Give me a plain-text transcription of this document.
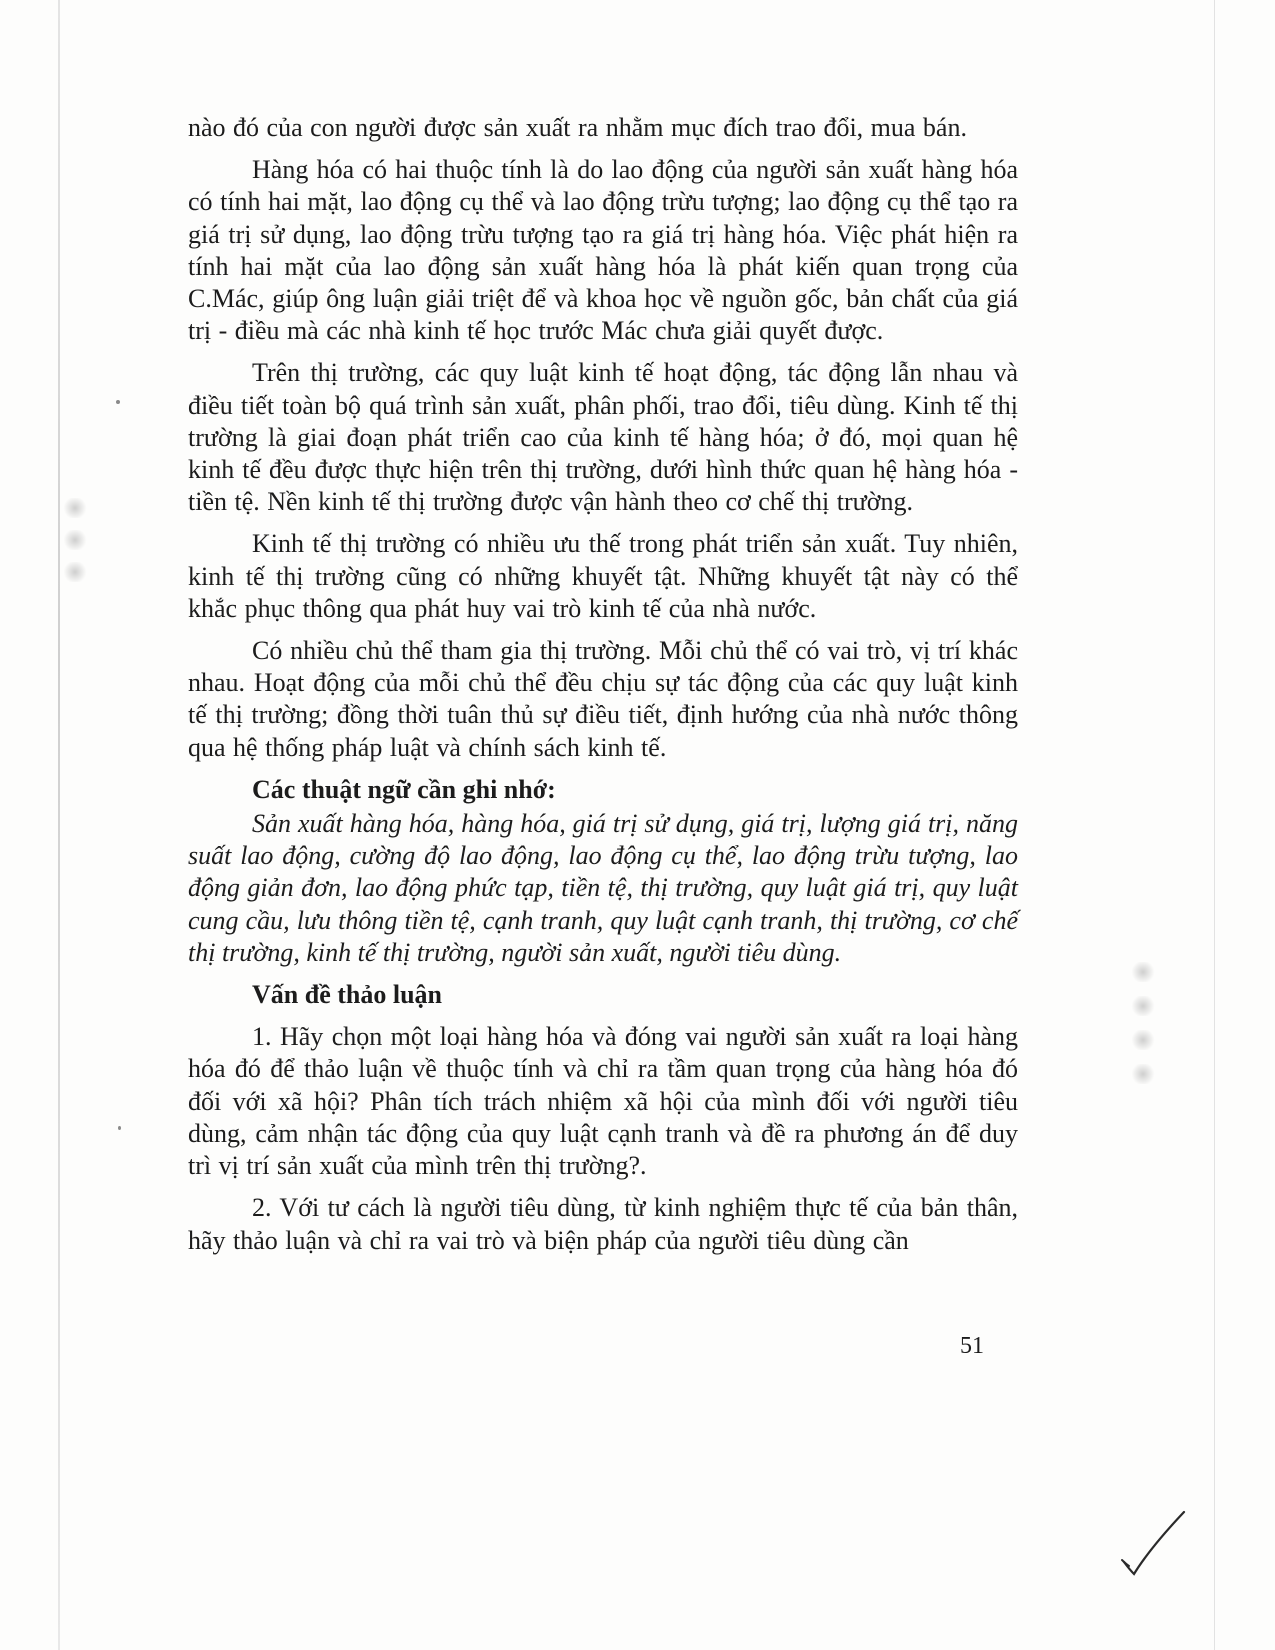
nào đó của con người được sản xuất ra nhằm mục đích trao đổi, mua bán.

Hàng hóa có hai thuộc tính là do lao động của người sản xuất hàng hóa có tính hai mặt, lao động cụ thể và lao động trừu tượng; lao động cụ thể tạo ra giá trị sử dụng, lao động trừu tượng tạo ra giá trị hàng hóa. Việc phát hiện ra tính hai mặt của lao động sản xuất hàng hóa là phát kiến quan trọng của C.Mác, giúp ông luận giải triệt để và khoa học về nguồn gốc, bản chất của giá trị - điều mà các nhà kinh tế học trước Mác chưa giải quyết được.

Trên thị trường, các quy luật kinh tế hoạt động, tác động lẫn nhau và điều tiết toàn bộ quá trình sản xuất, phân phối, trao đổi, tiêu dùng. Kinh tế thị trường là giai đoạn phát triển cao của kinh tế hàng hóa; ở đó, mọi quan hệ kinh tế đều được thực hiện trên thị trường, dưới hình thức quan hệ hàng hóa - tiền tệ. Nền kinh tế thị trường được vận hành theo cơ chế thị trường.

Kinh tế thị trường có nhiều ưu thế trong phát triển sản xuất. Tuy nhiên, kinh tế thị trường cũng có những khuyết tật. Những khuyết tật này có thể khắc phục thông qua phát huy vai trò kinh tế của nhà nước.

Có nhiều chủ thể tham gia thị trường. Mỗi chủ thể có vai trò, vị trí khác nhau. Hoạt động của mỗi chủ thể đều chịu sự tác động của các quy luật kinh tế thị trường; đồng thời tuân thủ sự điều tiết, định hướng của nhà nước thông qua hệ thống pháp luật và chính sách kinh tế.

Các thuật ngữ cần ghi nhớ:

Sản xuất hàng hóa, hàng hóa, giá trị sử dụng, giá trị, lượng giá trị, năng suất lao động, cường độ lao động, lao động cụ thể, lao động trừu tượng, lao động giản đơn, lao động phức tạp, tiền tệ, thị trường, quy luật giá trị, quy luật cung cầu, lưu thông tiền tệ, cạnh tranh, quy luật cạnh tranh, thị trường, cơ chế thị trường, kinh tế thị trường, người sản xuất, người tiêu dùng.

Vấn đề thảo luận

1. Hãy chọn một loại hàng hóa và đóng vai người sản xuất ra loại hàng hóa đó để thảo luận về thuộc tính và chỉ ra tầm quan trọng của hàng hóa đó đối với xã hội? Phân tích trách nhiệm xã hội của mình đối với người tiêu dùng, cảm nhận tác động của quy luật cạnh tranh và đề ra phương án để duy trì vị trí sản xuất của mình trên thị trường?.

2. Với tư cách là người tiêu dùng, từ kinh nghiệm thực tế của bản thân, hãy thảo luận và chỉ ra vai trò và biện pháp của người tiêu dùng cần

51
